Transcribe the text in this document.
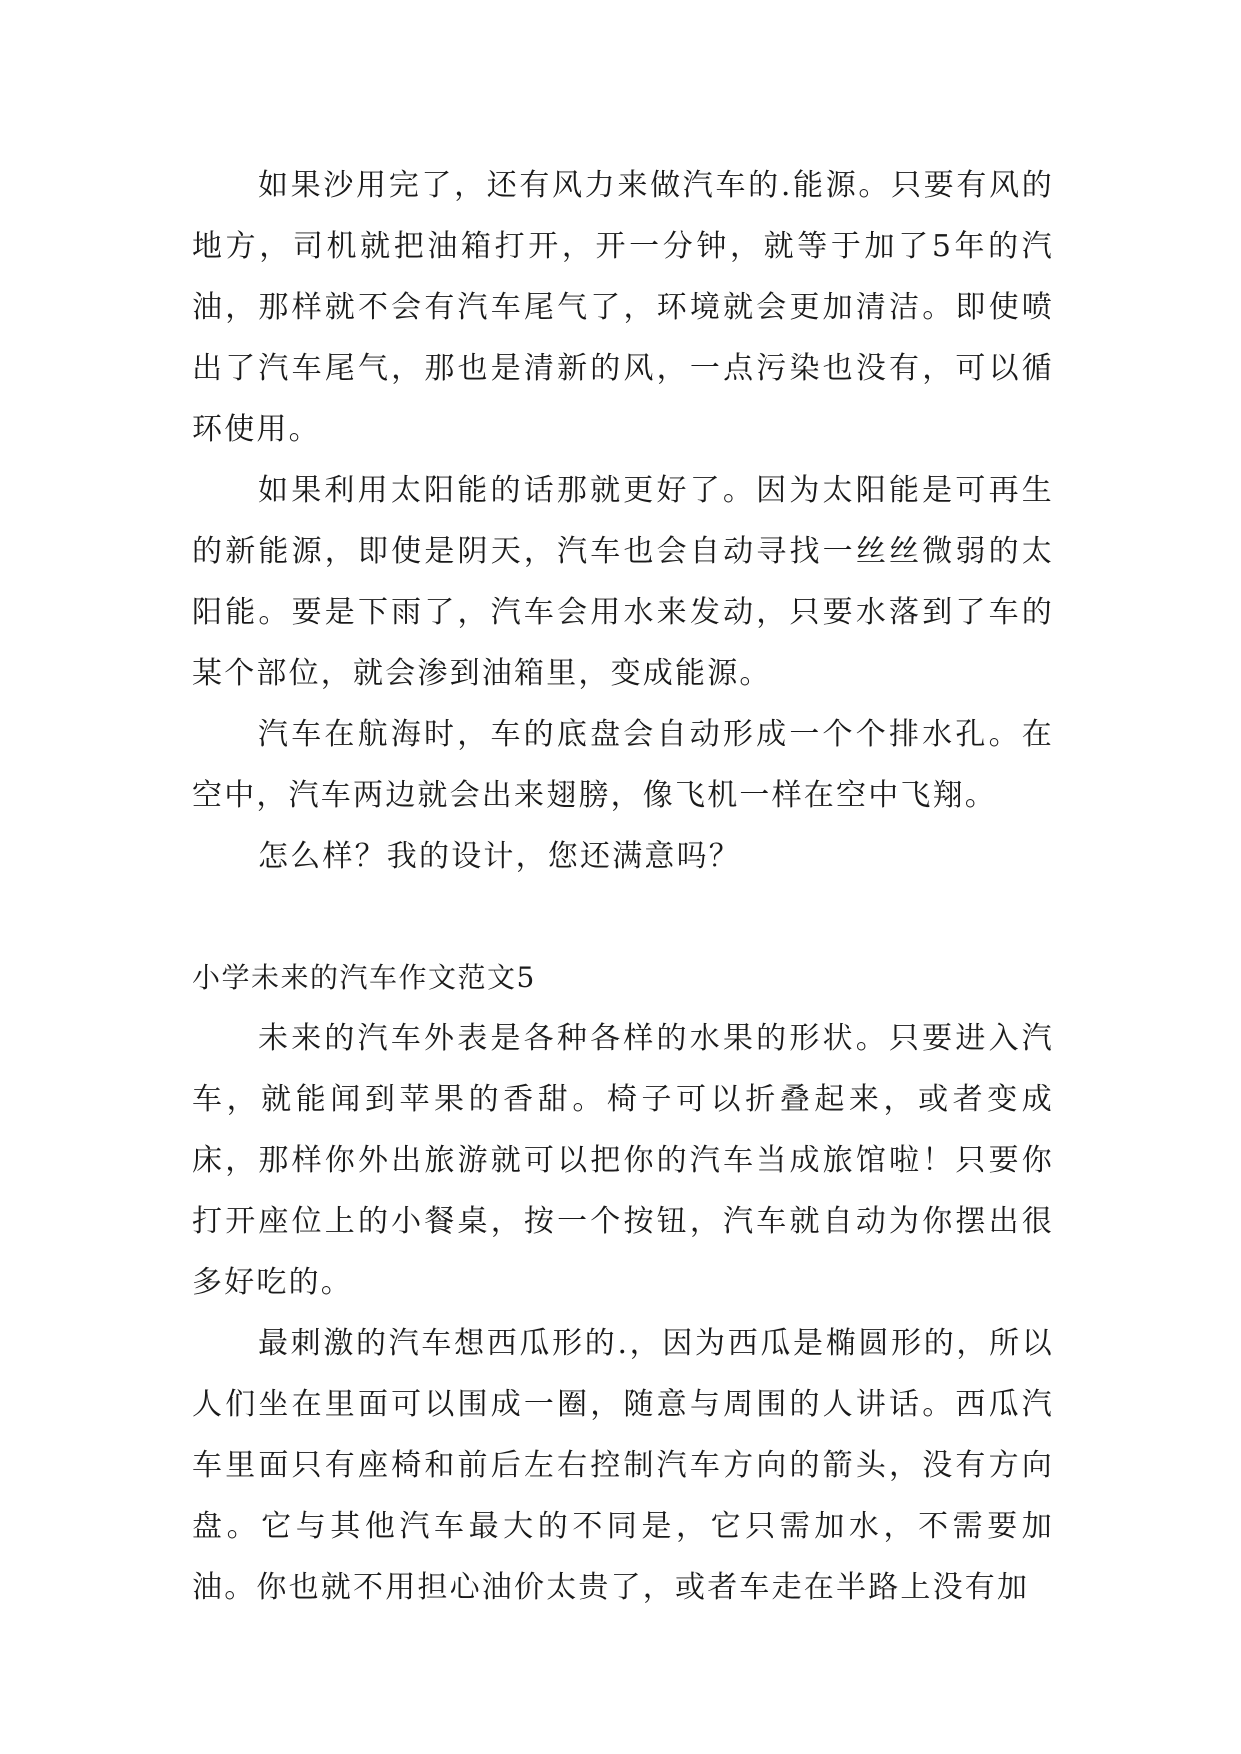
如果沙用完了，还有风力来做汽车的.能源。只要有风的地方，司机就把油箱打开，开一分钟，就等于加了5年的汽油，那样就不会有汽车尾气了，环境就会更加清洁。即使喷出了汽车尾气，那也是清新的风，一点污染也没有，可以循环使用。

如果利用太阳能的话那就更好了。因为太阳能是可再生的新能源，即使是阴天，汽车也会自动寻找一丝丝微弱的太阳能。要是下雨了，汽车会用水来发动，只要水落到了车的某个部位，就会渗到油箱里，变成能源。

汽车在航海时，车的底盘会自动形成一个个排水孔。在空中，汽车两边就会出来翅膀，像飞机一样在空中飞翔。

怎么样？我的设计，您还满意吗？

小学未来的汽车作文范文5

未来的汽车外表是各种各样的水果的形状。只要进入汽车，就能闻到苹果的香甜。椅子可以折叠起来，或者变成床，那样你外出旅游就可以把你的汽车当成旅馆啦！只要你打开座位上的小餐桌，按一个按钮，汽车就自动为你摆出很多好吃的。

最刺激的汽车想西瓜形的.，因为西瓜是椭圆形的，所以人们坐在里面可以围成一圈，随意与周围的人讲话。西瓜汽车里面只有座椅和前后左右控制汽车方向的箭头，没有方向盘。它与其他汽车最大的不同是，它只需加水，不需要加油。你也就不用担心油价太贵了，或者车走在半路上没有加
